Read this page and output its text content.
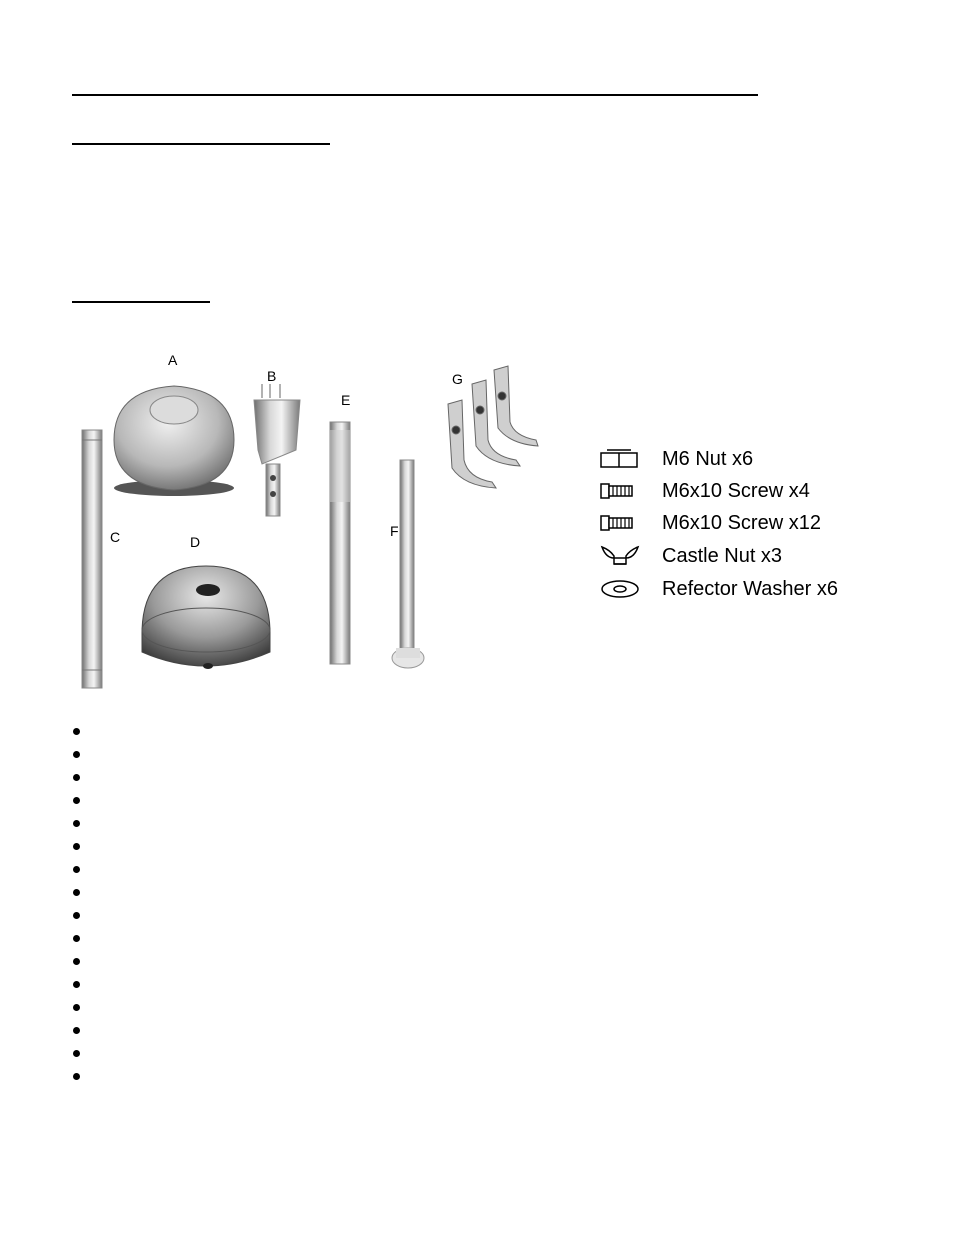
A
B
C	D
E
F
G
M6 Nut x6
M6x10 Screw x4
M6x10 Screw x12
Castle Nut x3
Refector Washer x6
